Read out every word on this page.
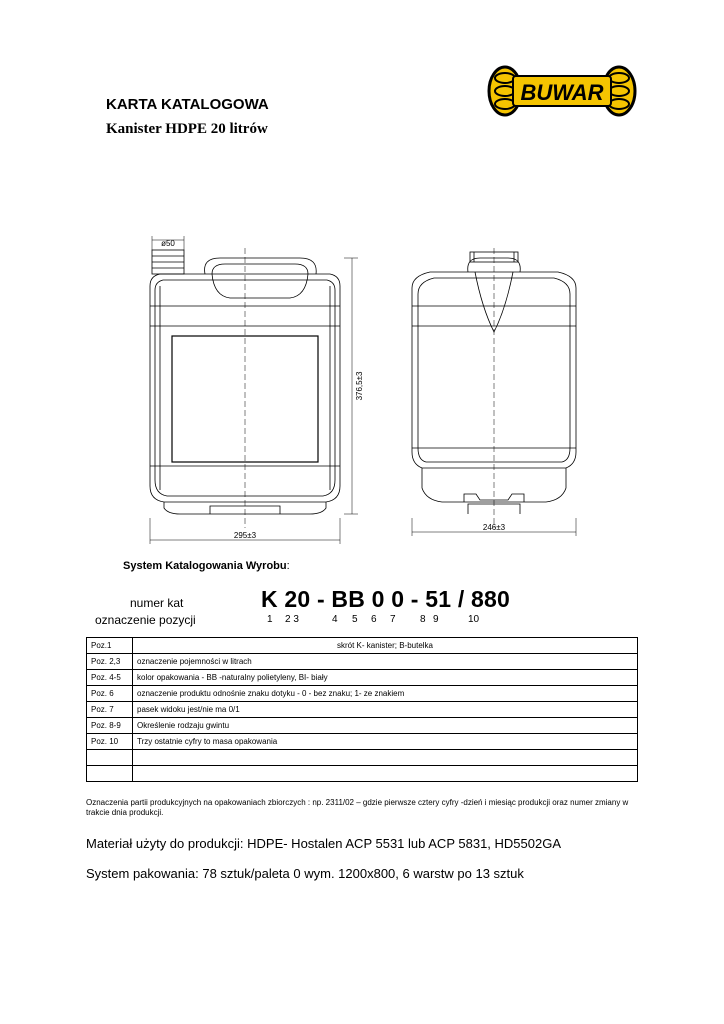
KARTA KATALOGOWA
Kanister HDPE 20 litrów
BUWAR
ø50
376,5±3
295±3
246±3
System Katalogowania Wyrobu:
numer kat
oznaczenie pozycji
K 20 - BB 0 0 - 51 / 880
1 2 3	4 5 6 7 8 9	10
Poz.1	skrót K- kanister; B-butelka
Poz. 2,3	oznaczenie pojemności w litrach
Poz. 4-5	kolor opakowania - BB -naturalny polietyleny, BI- biały
Poz. 6	oznaczenie produktu odnośnie znaku dotyku - 0 - bez znaku; 1- ze znakiem
Poz. 7	pasek widoku jest/nie ma 0/1
Poz. 8-9	Określenie rodzaju gwintu
Poz. 10	Trzy ostatnie cyfry to masa opakowania

Oznaczenia partii produkcyjnych na opakowaniach zbiorczych : np. 2311/02 – gdzie pierwsze cztery cyfry -dzień i miesiąc produkcji oraz numer zmiany w trakcie dnia produkcji.
Materiał użyty do produkcji: HDPE- Hostalen ACP 5531 lub ACP 5831, HD5502GA
System pakowania: 78 sztuk/paleta 0 wym. 1200x800, 6 warstw po 13 sztuk
